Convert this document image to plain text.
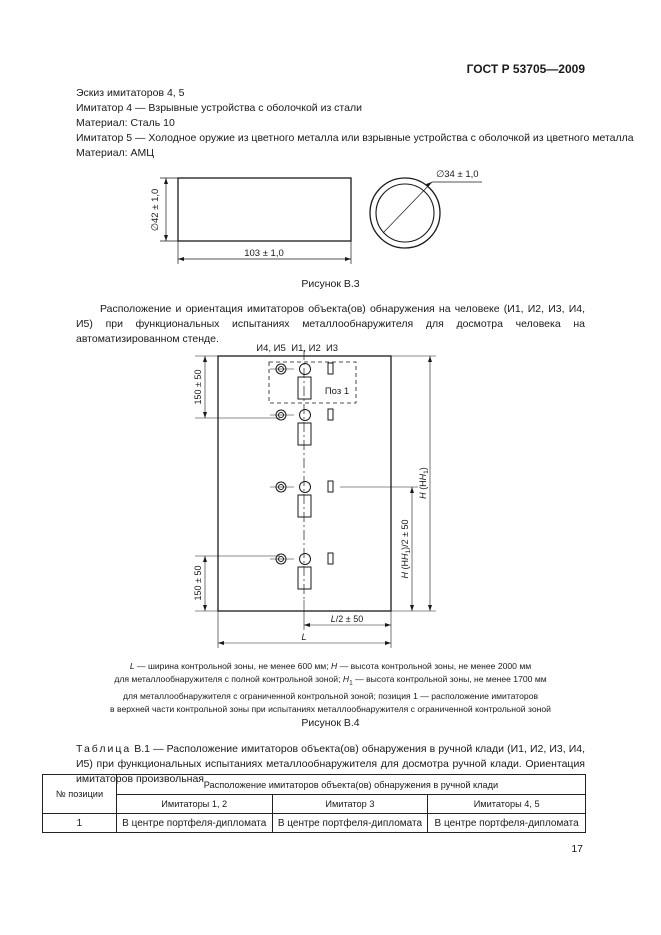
ГОСТ Р 53705—2009
Эскиз имитаторов 4, 5
Имитатор 4 — Взрывные устройства с оболочкой из стали
Материал: Сталь 10
Имитатор 5 — Холодное оружие из цветного металла или взрывные устройства с оболочкой из цветного металла
Материал: АМЦ
∅42 ± 1,0
103 ± 1,0
∅34 ± 1,0
Рисунок В.3
Расположение и ориентация имитаторов объекта(ов) обнаружения на человеке (И1, И2, И3, И4, И5) при функциональных испытаниях металлообнаружителя для досмотра человека на автоматизированном стенде.
И4, И5 И1, И2 И3
Поз 1
150 ± 50
150 ± 50	H $(HH_1)/2 \pm 50$
H $(HH_1)$
L/2 ± 50
L
L — ширина контрольной зоны, не менее 600 мм; H — высота контрольной зоны, не менее 2000 мм
для металлообнаружителя с полной контрольной зоной; $H_1$ — высота контрольной зоны, не менее 1700 мм
для металлообнаружителя с ограниченной контрольной зоной; позиция 1 — расположение имитаторов
в верхней части контрольной зоны при испытаниях металлообнаружителя с ограниченной контрольной зоной
Рисунок В.4
Таблица В.1 — Расположение имитаторов объекта(ов) обнаружения в ручной клади (И1, И2, И3, И4, И5) при функциональных испытаниях металлообнаружителя для досмотра ручной клади. Ориентация имитаторов произвольная
№ позиции	Расположение имитаторов объекта(ов) обнаружения в ручной клади		
	Имитаторы 1, 2	Имитатор 3	Имитаторы 4, 5
1	В центре портфеля-дипломата	В центре портфеля-дипломата	В центре портфеля-дипломата
17
